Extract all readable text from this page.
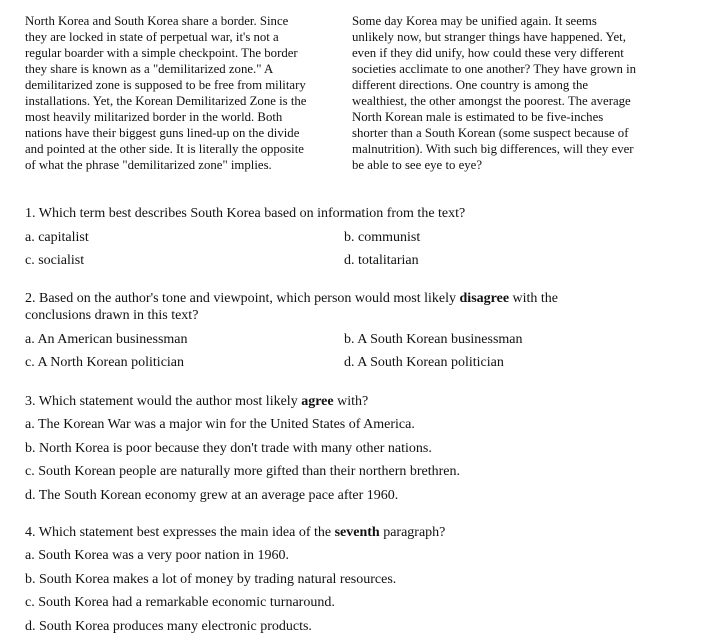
North Korea and South Korea share a border. Since
they are locked in state of perpetual war, it's not a
regular boarder with a simple checkpoint. The border
they share is known as a "demilitarized zone." A
demilitarized zone is supposed to be free from military
installations. Yet, the Korean Demilitarized Zone is the
most heavily militarized border in the world. Both
nations have their biggest guns lined-up on the divide
and pointed at the other side. It is literally the opposite
of what the phrase "demilitarized zone" implies.
Some day Korea may be unified again. It seems
unlikely now, but stranger things have happened. Yet,
even if they did unify, how could these very different
societies acclimate to one another? They have grown in
different directions. One country is among the
wealthiest, the other amongst the poorest. The average
North Korean male is estimated to be five-inches
shorter than a South Korean (some suspect because of
malnutrition). With such big differences, will they ever
be able to see eye to eye?
1. Which term best describes South Korea based on information from the text?
a. capitalist	b. communist
c. socialist	d. totalitarian
2. Based on the author's tone and viewpoint, which person would most likely disagree with the
conclusions drawn in this text?
a. An American businessman	b. A South Korean businessman
c. A North Korean politician	d. A South Korean politician
3. Which statement would the author most likely agree with?
a. The Korean War was a major win for the United States of America.
b. North Korea is poor because they don't trade with many other nations.
c. South Korean people are naturally more gifted than their northern brethren.
d. The South Korean economy grew at an average pace after 1960.
4. Which statement best expresses the main idea of the seventh paragraph?
a. South Korea was a very poor nation in 1960.
b. South Korea makes a lot of money by trading natural resources.
c. South Korea had a remarkable economic turnaround.
d. South Korea produces many electronic products.
